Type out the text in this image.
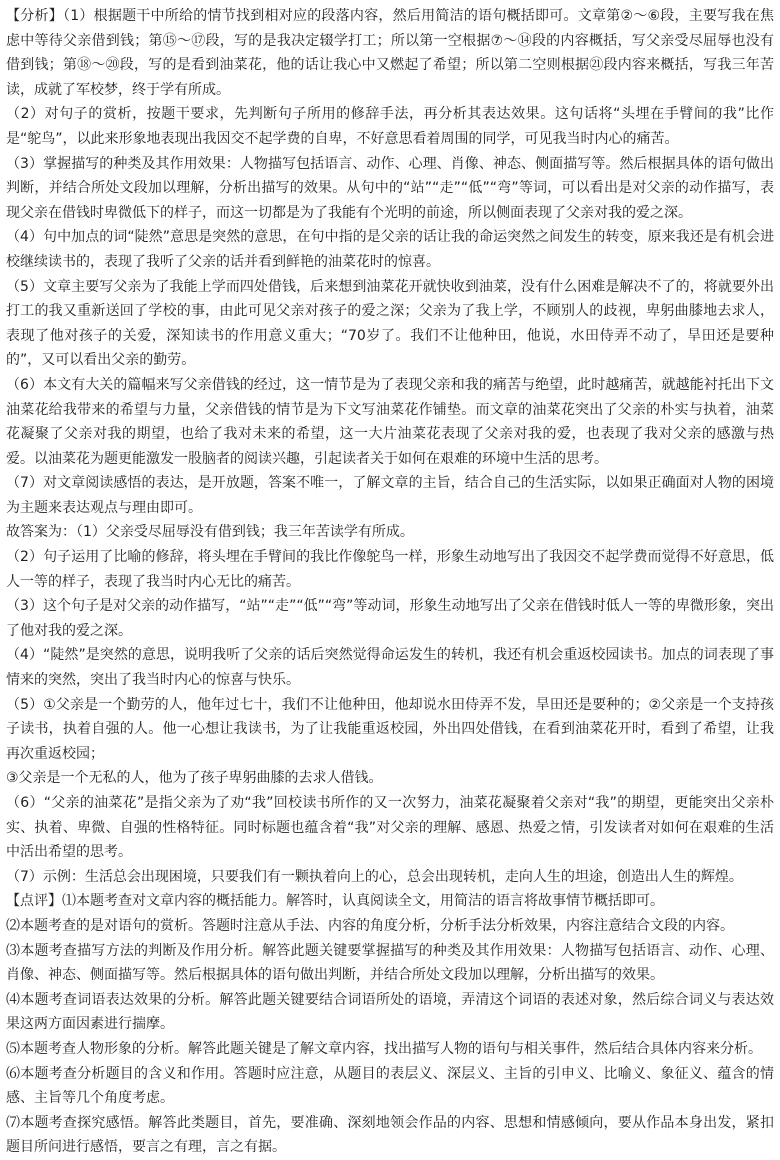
【分析】（1）根据题干中所给的情节找到相对应的段落内容，然后用简洁的语句概括即可。文章第②～⑥段，主要写我在焦虑中等待父亲借到钱；第⑮～⑰段，写的是我决定辍学打工；所以第一空根据⑦～⑭段的内容概括，写父亲受尽屈辱也没有借到钱；第⑱～⑳段，写的是看到油菜花，他的话让我心中又燃起了希望；所以第二空则根据㉑段内容来概括，写我三年苦读，成就了军校梦，终于学有所成。

（2）对句子的赏析，按题干要求，先判断句子所用的修辞手法，再分析其表达效果。这句话将“头埋在手臂间的我”比作是“鸵鸟”，以此来形象地表现出我因交不起学费的自卑，不好意思看着周围的同学，可见我当时内心的痛苦。

（3）掌握描写的种类及其作用效果：人物描写包括语言、动作、心理、肖像、神态、侧面描写等。然后根据具体的语句做出判断，并结合所处文段加以理解，分析出描写的效果。从句中的“站”“走”“低”“弯”等词，可以看出是对父亲的动作描写，表现父亲在借钱时卑微低下的样子，而这一切都是为了我能有个光明的前途，所以侧面表现了父亲对我的爱之深。

（4）句中加点的词“陡然”意思是突然的意思，在句中指的是父亲的话让我的命运突然之间发生的转变，原来我还是有机会进校继续读书的，表现了我听了父亲的话并看到鲜艳的油菜花时的惊喜。

（5）文章主要写父亲为了我能上学而四处借钱，后来想到油菜花开就快收到油菜，没有什么困难是解决不了的，将就要外出打工的我又重新送回了学校的事，由此可见父亲对孩子的爱之深；父亲为了我上学，不顾别人的歧视，卑躬曲膝地去求人，表现了他对孩子的关爱，深知读书的作用意义重大；“70岁了。我们不让他种田，他说，水田侍弄不动了，旱田还是要种的”，又可以看出父亲的勤劳。

（6）本文有大关的篇幅来写父亲借钱的经过，这一情节是为了表现父亲和我的痛苦与绝望，此时越痛苦，就越能衬托出下文油菜花给我带来的希望与力量，父亲借钱的情节是为下文写油菜花作铺垫。而文章的油菜花突出了父亲的朴实与执着，油菜花凝聚了父亲对我的期望，也给了我对未来的希望，这一大片油菜花表现了父亲对我的爱，也表现了我对父亲的感激与热爱。以油菜花为题更能激发一股脑者的阅读兴趣，引起读者关于如何在艰难的环境中生活的思考。

（7）对文章阅读感悟的表达，是开放题，答案不唯一，了解文章的主旨，结合自己的生活实际，以如果正确面对人物的困境为主题来表达观点与理由即可。

故答案为：（1）父亲受尽屈辱没有借到钱；我三年苦读学有所成。

（2）句子运用了比喻的修辞，将头埋在手臂间的我比作像鸵鸟一样，形象生动地写出了我因交不起学费而觉得不好意思，低人一等的样子，表现了我当时内心无比的痛苦。

（3）这个句子是对父亲的动作描写，“站”“走”“低”“弯”等动词，形象生动地写出了父亲在借钱时低人一等的卑微形象，突出了他对我的爱之深。

（4）“陡然”是突然的意思，说明我听了父亲的话后突然觉得命运发生的转机，我还有机会重返校园读书。加点的词表现了事情来的突然，突出了我当时内心的惊喜与快乐。

（5）①父亲是一个勤劳的人，他年过七十，我们不让他种田，他却说水田侍弄不发，旱田还是要种的；②父亲是一个支持孩子读书，执着自强的人。他一心想让我读书，为了让我能重返校园，外出四处借钱，在看到油菜花开时，看到了希望，让我再次重返校园；

③父亲是一个无私的人，他为了孩子卑躬曲膝的去求人借钱。

（6）“父亲的油菜花”是指父亲为了劝“我”回校读书所作的又一次努力，油菜花凝聚着父亲对“我”的期望，更能突出父亲朴实、执着、卑微、自强的性格特征。同时标题也蕴含着“我”对父亲的理解、感恩、热爱之情，引发读者对如何在艰难的生活中活出希望的思考。

（7）示例：生活总会出现困境，只要我们有一颗执着向上的心，总会出现转机，走向人生的坦途，创造出人生的辉煌。

【点评】⑴本题考查对文章内容的概括能力。解答时，认真阅读全文，用简洁的语言将故事情节概括即可。

⑵本题考查的是对语句的赏析。答题时注意从手法、内容的角度分析，分析手法分析效果，内容注意结合文段的内容。

⑶本题考查描写方法的判断及作用分析。解答此题关键要掌握描写的种类及其作用效果：人物描写包括语言、动作、心理、肖像、神态、侧面描写等。然后根据具体的语句做出判断，并结合所处文段加以理解，分析出描写的效果。

⑷本题考查词语表达效果的分析。解答此题关键要结合词语所处的语境，弄清这个词语的表述对象，然后综合词义与表达效果这两方面因素进行揣摩。

⑸本题考查人物形象的分析。解答此题关键是了解文章内容，找出描写人物的语句与相关事件，然后结合具体内容来分析。

⑹本题考查分析题目的含义和作用。答题时应注意，从题目的表层义、深层义、主旨的引申义、比喻义、象征义、蕴含的情感、主旨等几个角度考虑。

⑺本题考查探究感悟。解答此类题目，首先，要准确、深刻地领会作品的内容、思想和情感倾向，要从作品本身出发，紧扣题目所问进行感悟，要言之有理，言之有据。
